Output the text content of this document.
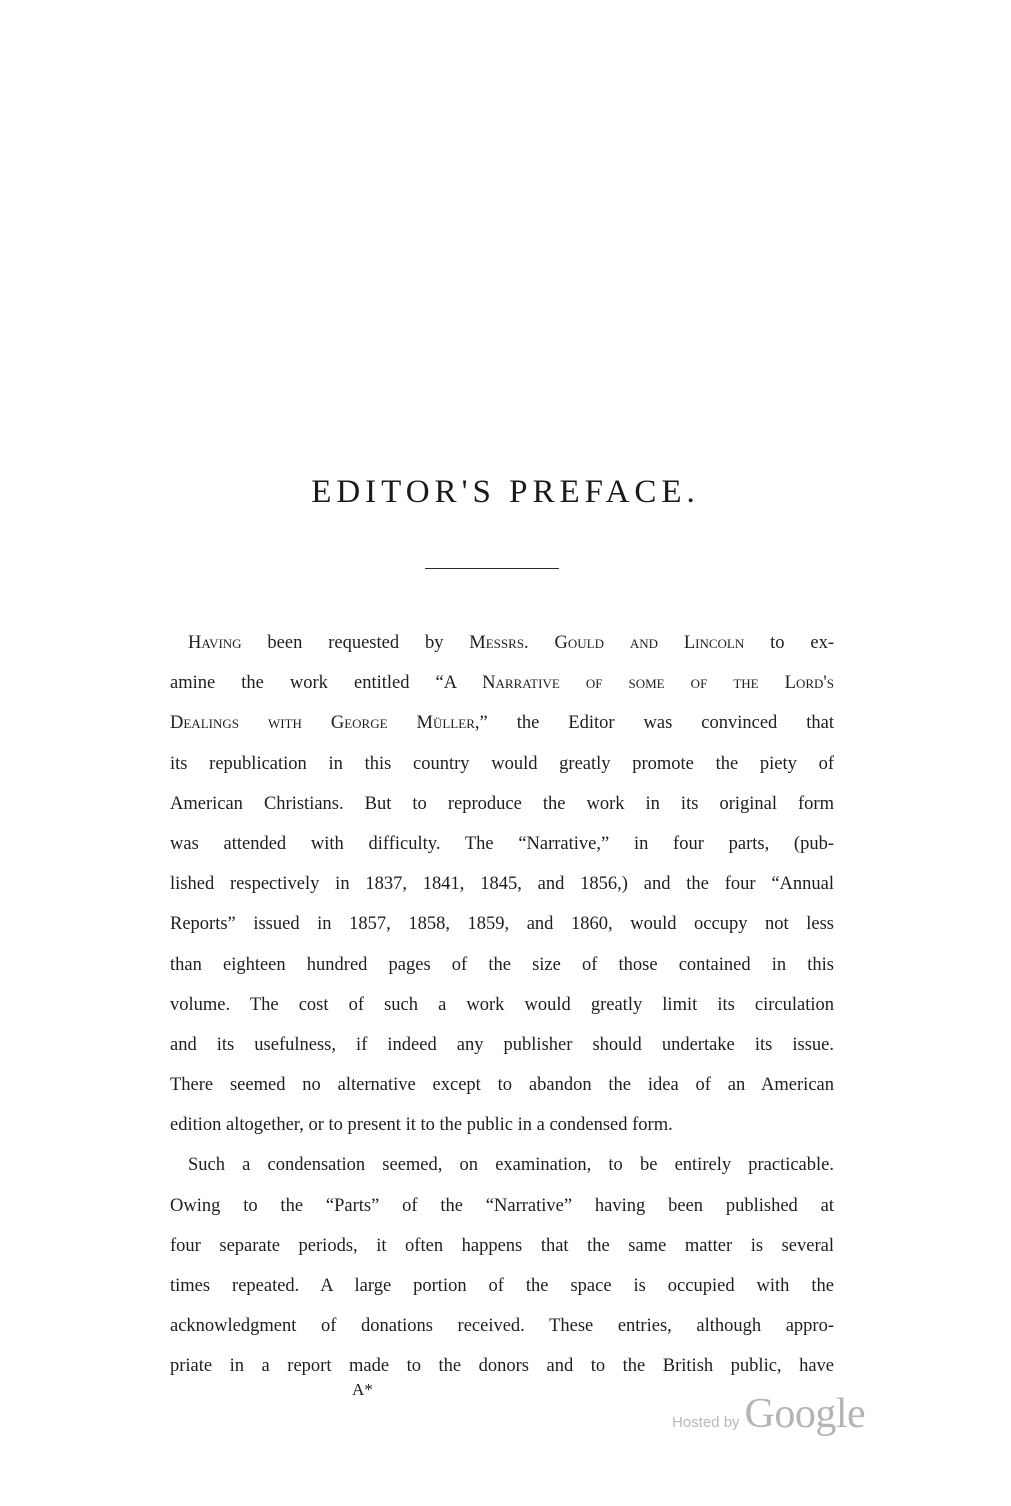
EDITOR'S PREFACE.
Having been requested by Messrs. Gould and Lincoln to ex-
amine the work entitled “A Narrative of some of the Lord's
Dealings with George Müller,” the Editor was convinced that
its republication in this country would greatly promote the piety of
American Christians. But to reproduce the work in its original form
was attended with difficulty. The “Narrative,” in four parts, (pub-
lished respectively in 1837, 1841, 1845, and 1856,) and the four “Annual
Reports” issued in 1857, 1858, 1859, and 1860, would occupy not less
than eighteen hundred pages of the size of those contained in this
volume. The cost of such a work would greatly limit its circulation
and its usefulness, if indeed any publisher should undertake its issue.
There seemed no alternative except to abandon the idea of an American
edition altogether, or to present it to the public in a condensed form.
Such a condensation seemed, on examination, to be entirely practicable.
Owing to the “Parts” of the “Narrative” having been published at
four separate periods, it often happens that the same matter is several
times repeated. A large portion of the space is occupied with the
acknowledgment of donations received. These entries, although appro-
priate in a report made to the donors and to the British public, have
A*
Hosted by Google
